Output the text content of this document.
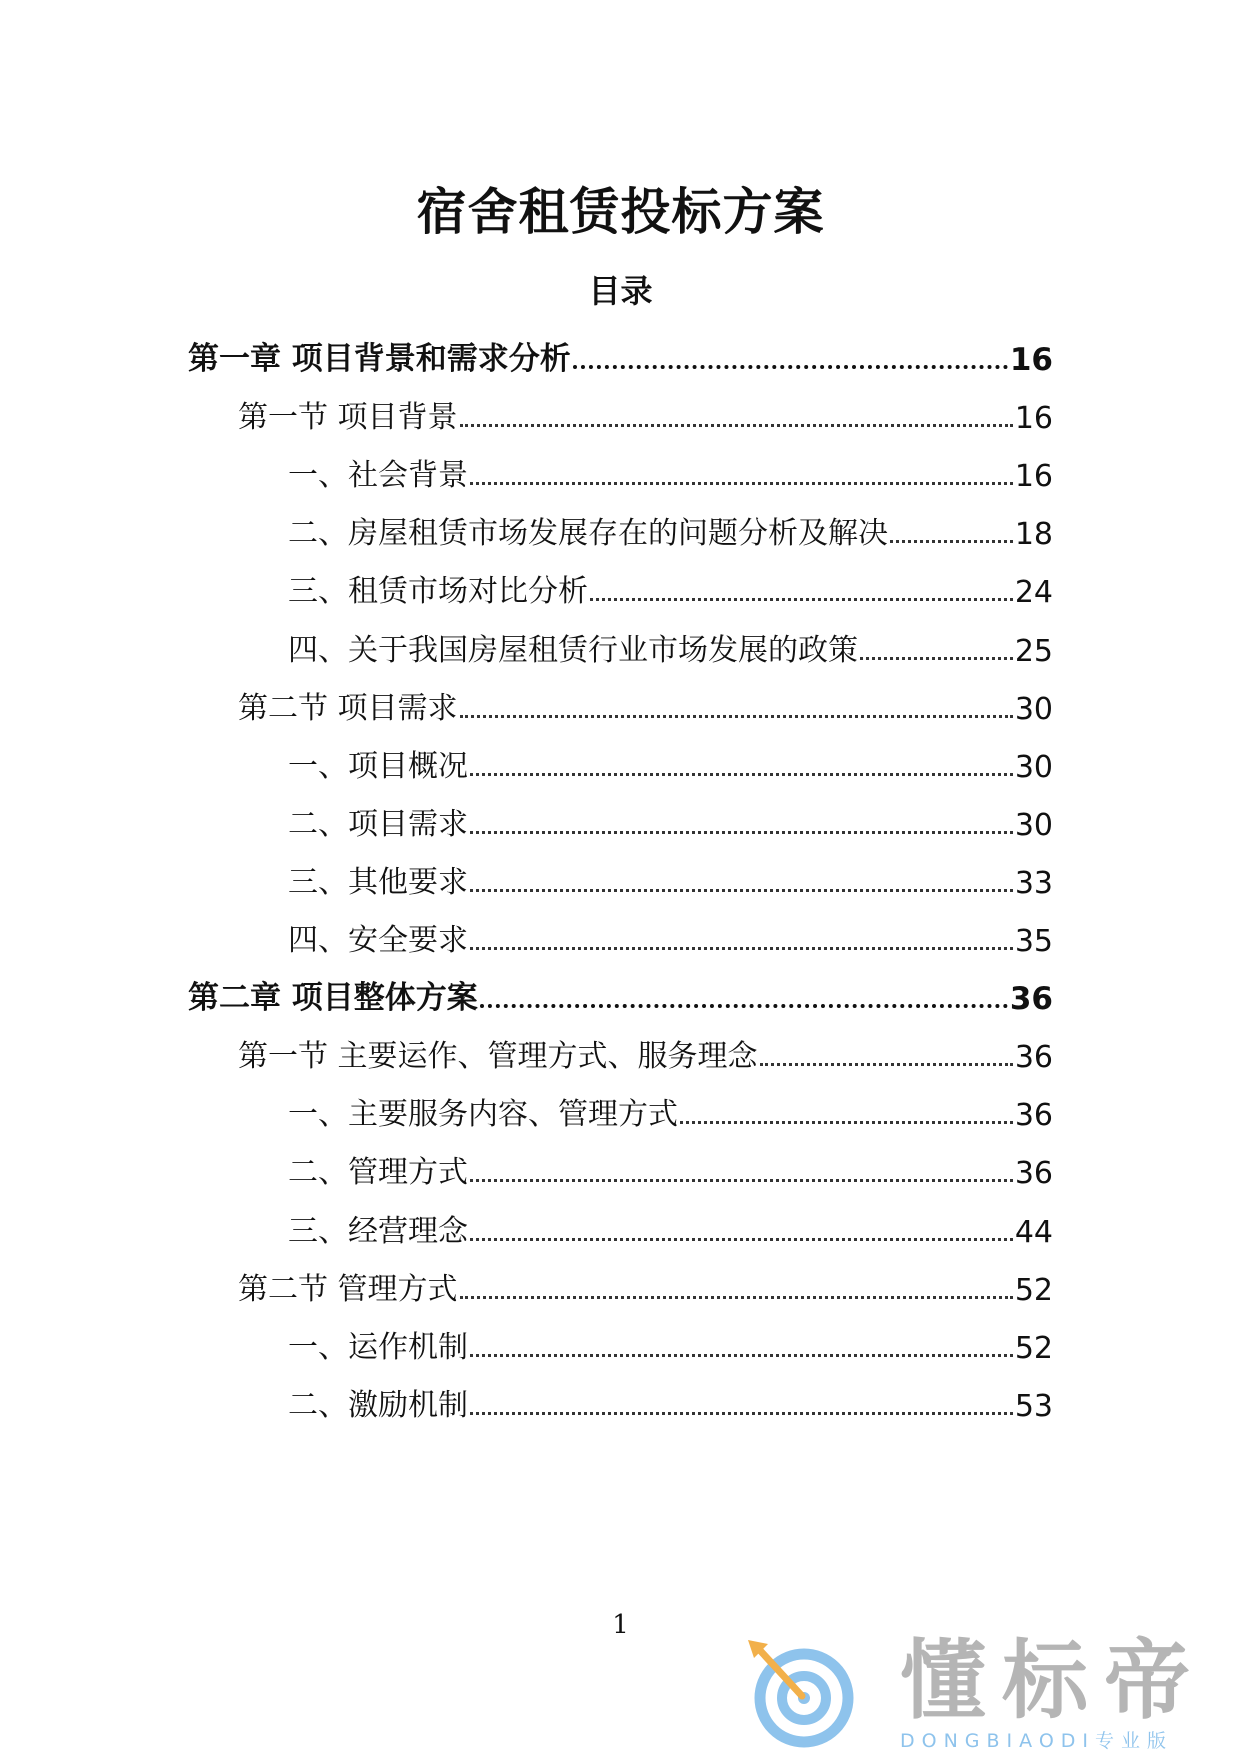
宿舍租赁投标方案
目录
第一章 项目背景和需求分析	16
第一节 项目背景	16
一、社会背景	16
二、房屋租赁市场发展存在的问题分析及解决	18
三、租赁市场对比分析	24
四、关于我国房屋租赁行业市场发展的政策	25
第二节 项目需求	30
一、项目概况	30
二、项目需求	30
三、其他要求	33
四、安全要求	35
第二章 项目整体方案	36
第一节 主要运作、管理方式、服务理念	36
一、主要服务内容、管理方式	36
二、管理方式	36
三、经营理念	44
第二节 管理方式	52
一、运作机制	52
二、激励机制	53
1
懂标帝
DONGBIAODI专业版
